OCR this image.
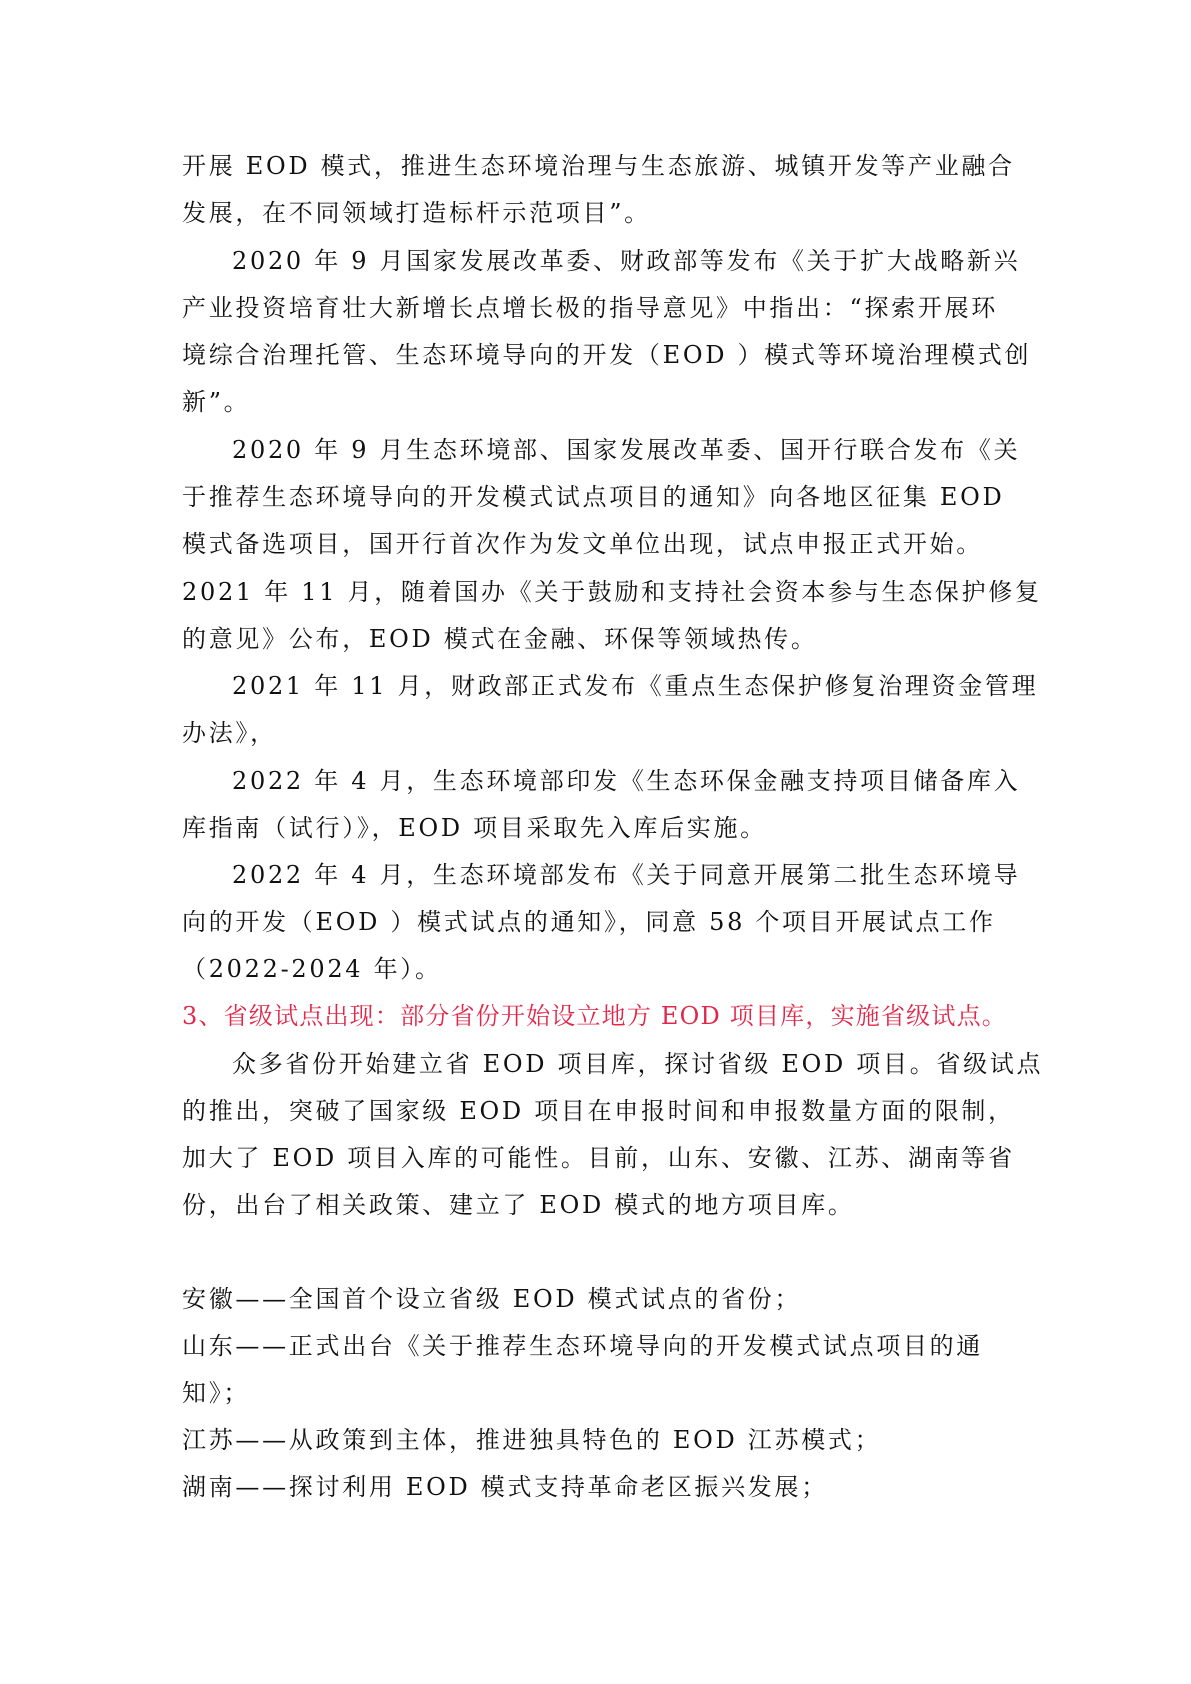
开展 EOD 模式，推进生态环境治理与生态旅游、城镇开发等产业融合
发展，在不同领域打造标杆示范项目”。
2020 年 9 月国家发展改革委、财政部等发布《关于扩大战略新兴
产业投资培育壮大新增长点增长极的指导意见》中指出：“探索开展环
境综合治理托管、生态环境导向的开发（EOD ）模式等环境治理模式创
新”。
2020 年 9 月生态环境部、国家发展改革委、国开行联合发布《关
于推荐生态环境导向的开发模式试点项目的通知》向各地区征集 EOD
模式备选项目，国开行首次作为发文单位出现，试点申报正式开始。
2021 年 11 月，随着国办《关于鼓励和支持社会资本参与生态保护修复
的意见》公布，EOD 模式在金融、环保等领域热传。
2021 年 11 月，财政部正式发布《重点生态保护修复治理资金管理
办法》，
2022 年 4 月，生态环境部印发《生态环保金融支持项目储备库入
库指南（试行）》，EOD 项目采取先入库后实施。
2022 年 4 月，生态环境部发布《关于同意开展第二批生态环境导
向的开发（EOD ）模式试点的通知》，同意 58 个项目开展试点工作
（2022-2024 年）。
3、省级试点出现：部分省份开始设立地方 EOD 项目库，实施省级试点。
众多省份开始建立省 EOD 项目库，探讨省级 EOD 项目。省级试点
的推出，突破了国家级 EOD 项目在申报时间和申报数量方面的限制，
加大了 EOD 项目入库的可能性。目前，山东、安徽、江苏、湖南等省
份，出台了相关政策、建立了 EOD 模式的地方项目库。
安徽——全国首个设立省级 EOD 模式试点的省份；
山东——正式出台《关于推荐生态环境导向的开发模式试点项目的通
知》；
江苏——从政策到主体，推进独具特色的 EOD 江苏模式；
湖南——探讨利用 EOD 模式支持革命老区振兴发展；
